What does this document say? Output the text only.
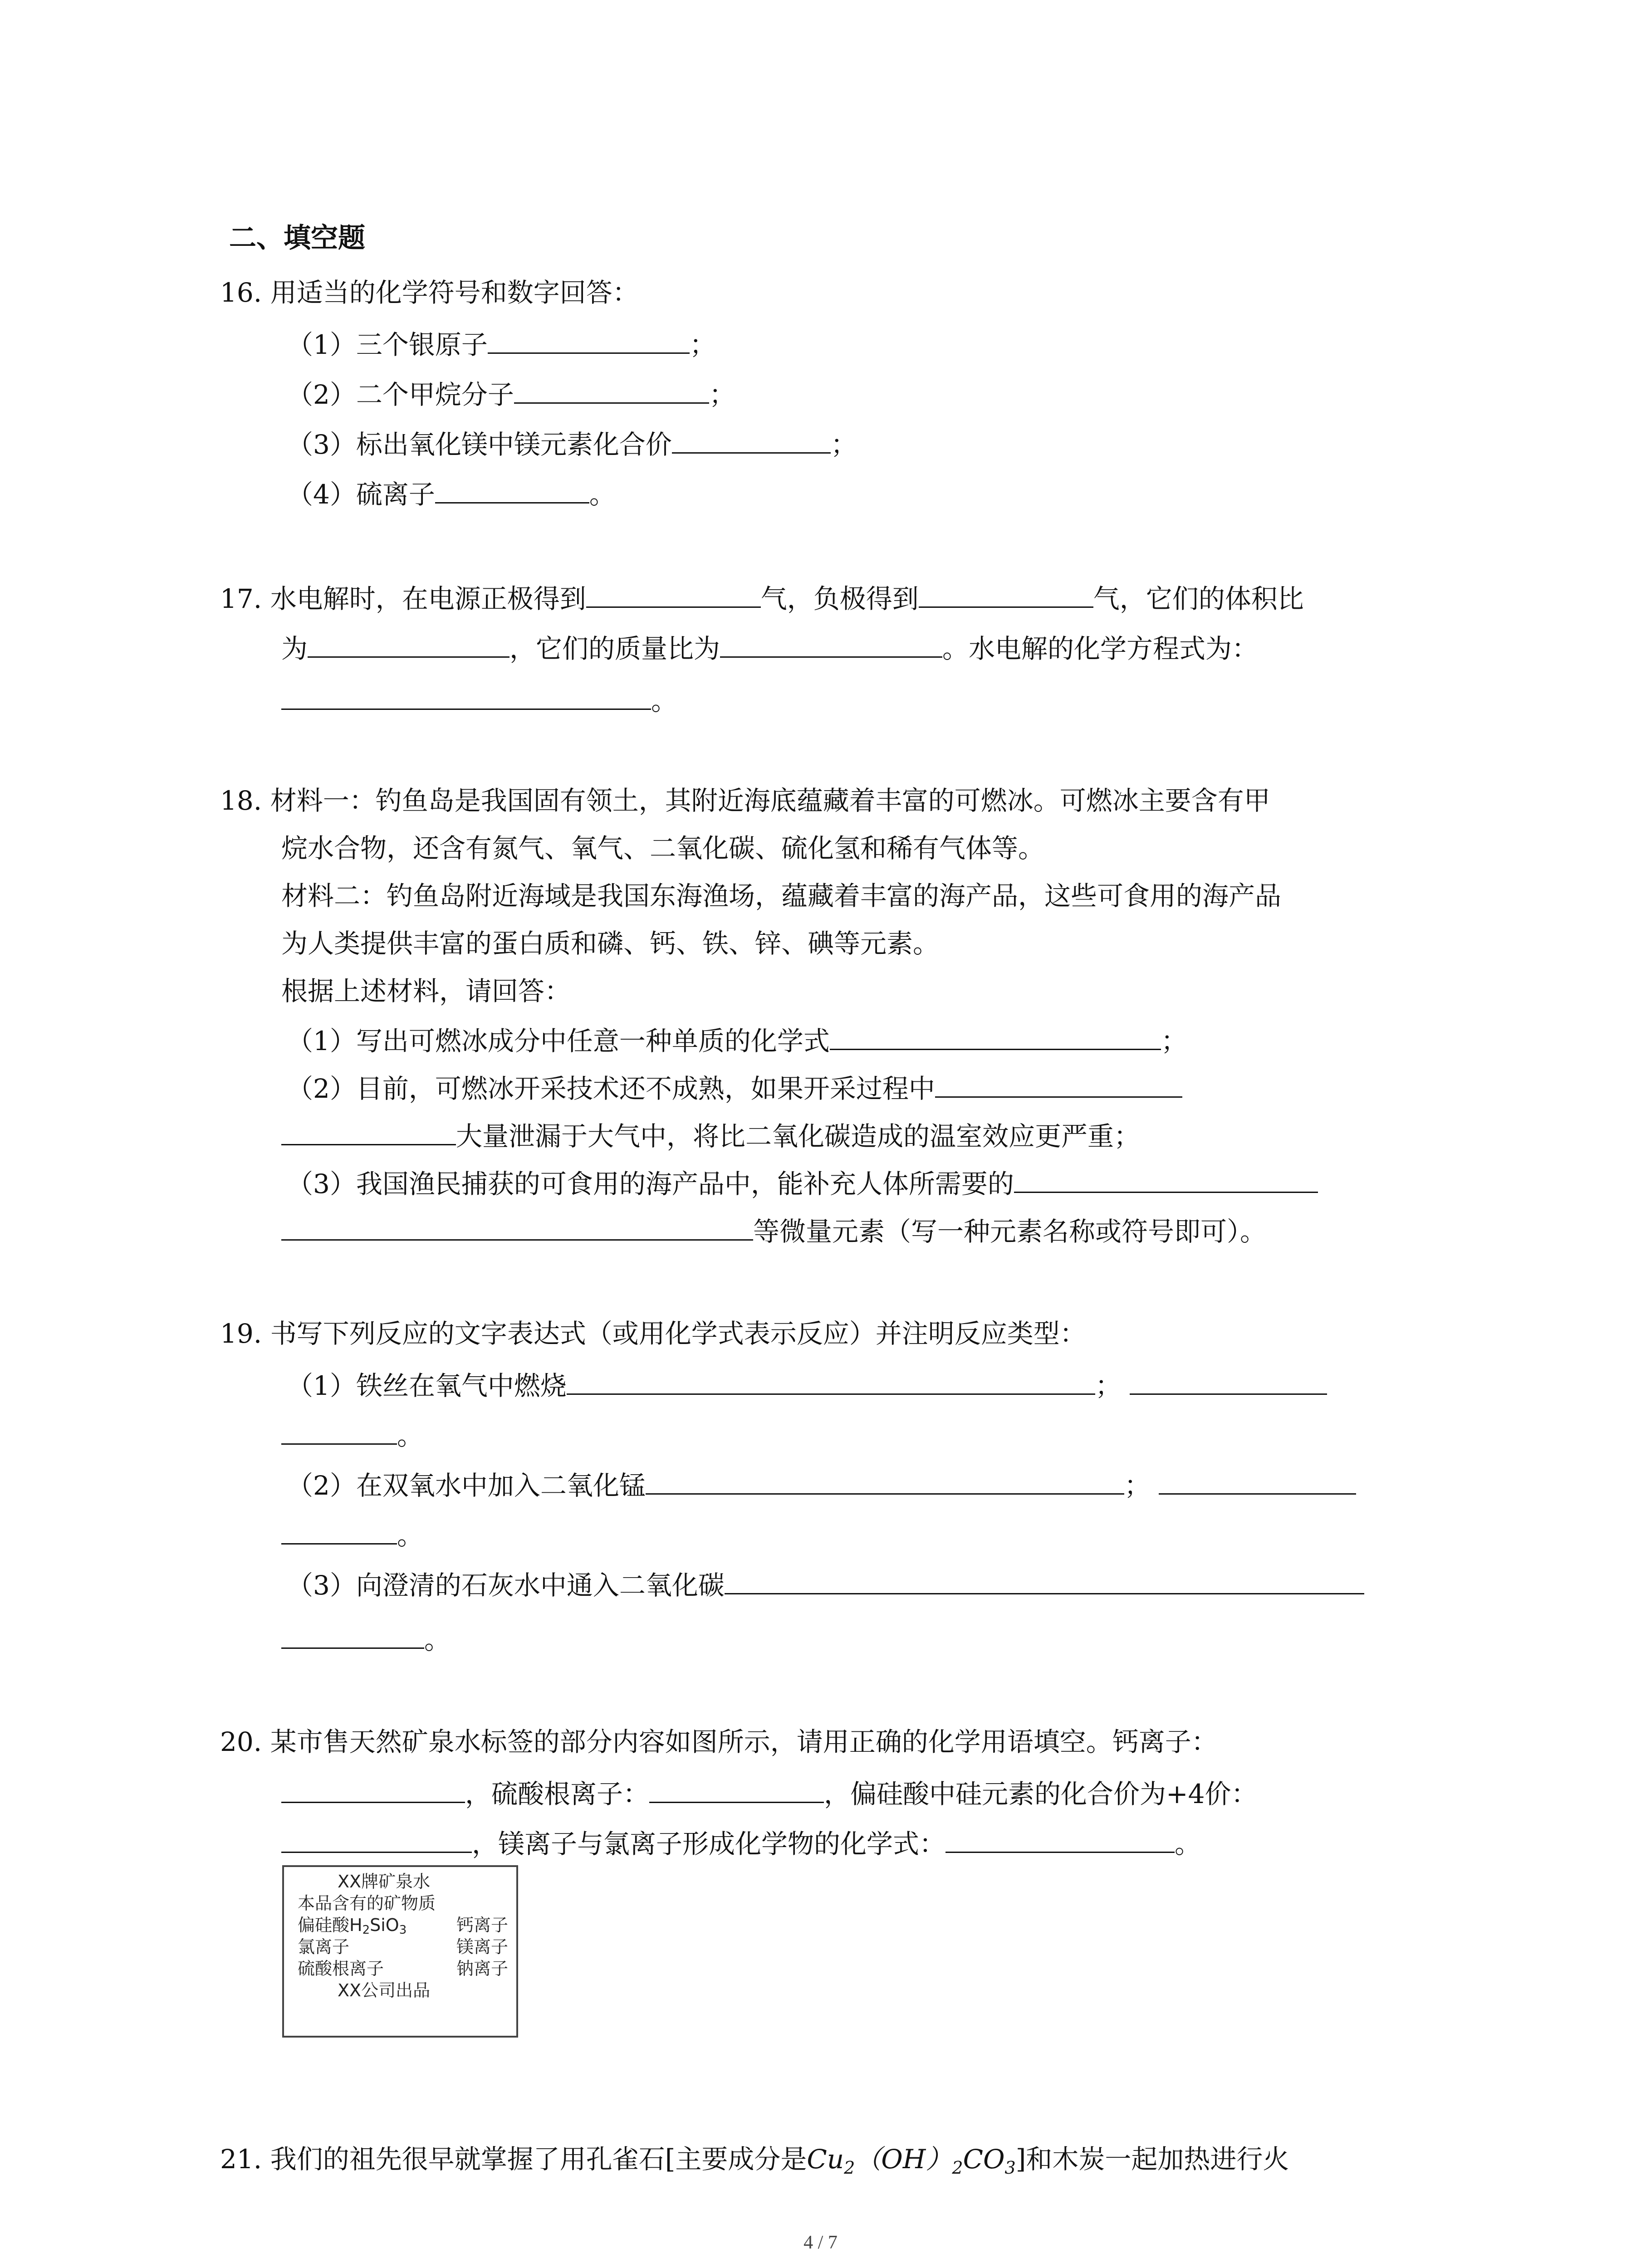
二、填空题
16. 用适当的化学符号和数字回答：
（1）三个银原子	；
（2）二个甲烷分子	；
（3）标出氧化镁中镁元素化合价	；
（4）硫离子	。
17. 水电解时，在电源正极得到	气，负极得到	气，它们的体积比
为	，它们的质量比为	。水电解的化学方程式为：
。
18. 材料一：钓鱼岛是我国固有领土，其附近海底蕴藏着丰富的可燃冰。可燃冰主要含有甲
烷水合物，还含有氮气、氧气、二氧化碳、硫化氢和稀有气体等。
材料二：钓鱼岛附近海域是我国东海渔场，蕴藏着丰富的海产品，这些可食用的海产品
为人类提供丰富的蛋白质和磷、钙、铁、锌、碘等元素。
根据上述材料，请回答：
（1）写出可燃冰成分中任意一种单质的化学式	；
（2）目前，可燃冰开采技术还不成熟，如果开采过程中
大量泄漏于大气中，将比二氧化碳造成的温室效应更严重；
（3）我国渔民捕获的可食用的海产品中，能补充人体所需要的
等微量元素（写一种元素名称或符号即可）。
19. 书写下列反应的文字表达式（或用化学式表示反应）并注明反应类型：
（1）铁丝在氧气中燃烧	；
。
（2）在双氧水中加入二氧化锰	；
。
（3）向澄清的石灰水中通入二氧化碳
。
20. 某市售天然矿泉水标签的部分内容如图所示，请用正确的化学用语填空。钙离子：
，硫酸根离子：	，偏硅酸中硅元素的化合价为+4价：
，镁离子与氯离子形成化学物的化学式：	。
XX牌矿泉水
本品含有的矿物质
偏硅酸$H_2SiO_3$	钙离子
氯离子	镁离子
硫酸根离子	钠离子
XX公司出品
21. 我们的祖先很早就掌握了用孔雀石[主要成分是$Cu_2(OH)_2CO_3$]和木炭一起加热进行火
4 / 7
